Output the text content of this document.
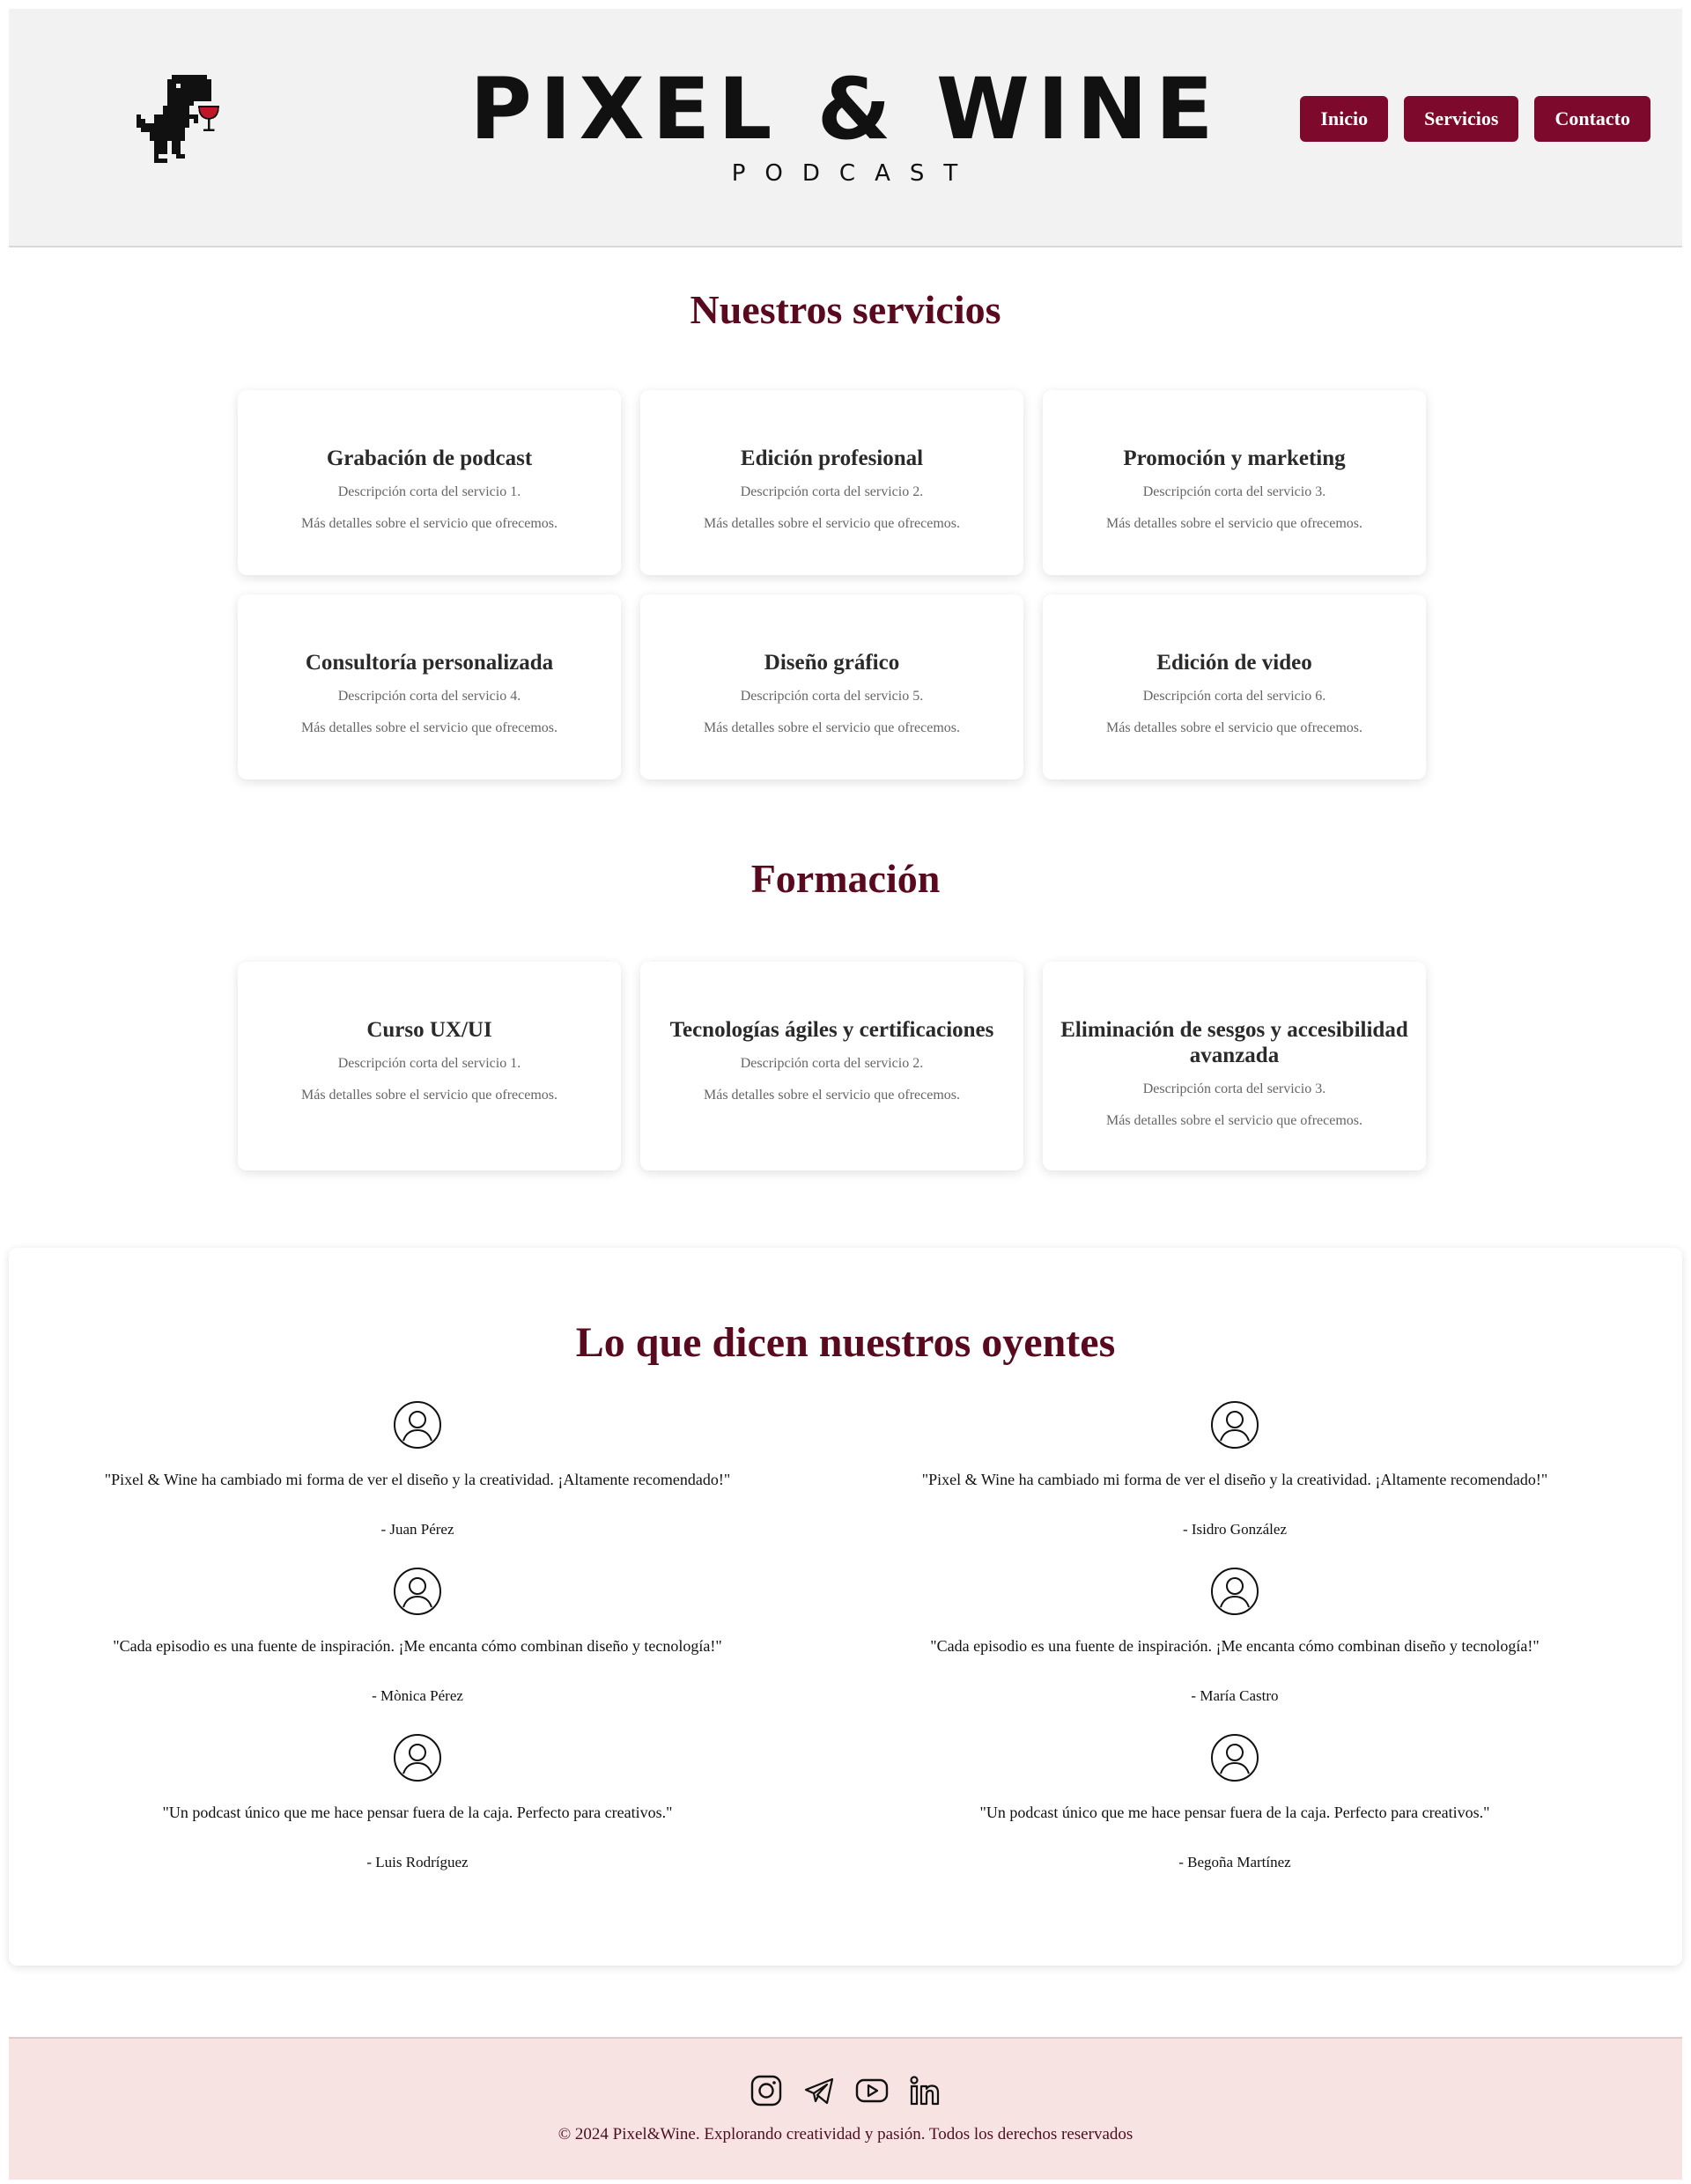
PIXEL & WINE
PODCAST
Inicio	Servicios	Contacto
Nuestros servicios
Grabación de podcast

Descripción corta del servicio 1.

Más detalles sobre el servicio que ofrecemos.

Edición profesional

Descripción corta del servicio 2.

Más detalles sobre el servicio que ofrecemos.

Promoción y marketing

Descripción corta del servicio 3.

Más detalles sobre el servicio que ofrecemos.

Consultoría personalizada

Descripción corta del servicio 4.

Más detalles sobre el servicio que ofrecemos.

Diseño gráfico

Descripción corta del servicio 5.

Más detalles sobre el servicio que ofrecemos.

Edición de video

Descripción corta del servicio 6.

Más detalles sobre el servicio que ofrecemos.

Formación
Curso UX/UI

Descripción corta del servicio 1.

Más detalles sobre el servicio que ofrecemos.

Tecnologías ágiles y certificaciones

Descripción corta del servicio 2.

Más detalles sobre el servicio que ofrecemos.

Eliminación de sesgos y accesibilidad avanzada

Descripción corta del servicio 3.

Más detalles sobre el servicio que ofrecemos.

Lo que dicen nuestros oyentes

"Pixel & Wine ha cambiado mi forma de ver el diseño y la creatividad. ¡Altamente recomendado!"

- Juan Pérez

"Pixel & Wine ha cambiado mi forma de ver el diseño y la creatividad. ¡Altamente recomendado!"

- Isidro González

"Cada episodio es una fuente de inspiración. ¡Me encanta cómo combinan diseño y tecnología!"

- Mònica Pérez

"Cada episodio es una fuente de inspiración. ¡Me encanta cómo combinan diseño y tecnología!"

- María Castro

"Un podcast único que me hace pensar fuera de la caja. Perfecto para creativos."

- Luis Rodríguez

"Un podcast único que me hace pensar fuera de la caja. Perfecto para creativos."

- Begoña Martínez

© 2024 Pixel&Wine. Explorando creatividad y pasión. Todos los derechos reservados
